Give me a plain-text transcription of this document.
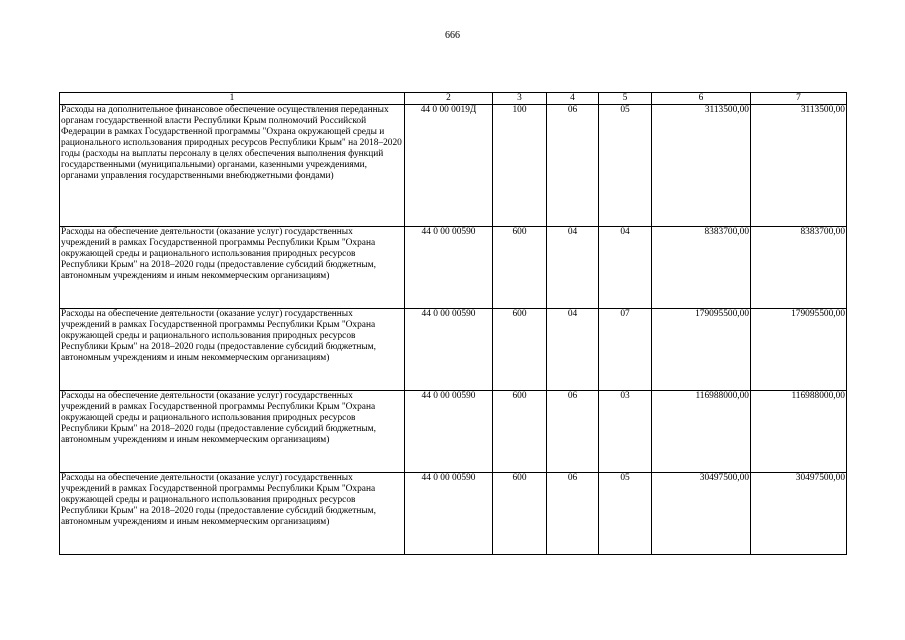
666
1	2	3	4	5	6	7
Расходы на дополнительное финансовое обеспечение осуществления переданных органам государственной власти Республики Крым полномочий Российской Федерации в рамках Государственной программы "Охрана окружающей среды и рационального использования природных ресурсов Республики Крым" на 2018–2020 годы (расходы на выплаты персоналу в целях обеспечения выполнения функций государственными (муниципальными) органами, казенными учреждениями, органами управления государственными внебюджетными фондами)	44 0 00 0019Д	100	06	05	3113500,00	3113500,00
Расходы на обеспечение деятельности (оказание услуг) государственных учреждений в рамках Государственной программы Республики Крым "Охрана окружающей среды и рационального использования природных ресурсов Республики Крым" на 2018–2020 годы (предоставление субсидий бюджетным, автономным учреждениям и иным некоммерческим организациям)	44 0 00 00590	600	04	04	8383700,00	8383700,00
Расходы на обеспечение деятельности (оказание услуг) государственных учреждений в рамках Государственной программы Республики Крым "Охрана окружающей среды и рационального использования природных ресурсов Республики Крым" на 2018–2020 годы (предоставление субсидий бюджетным, автономным учреждениям и иным некоммерческим организациям)	44 0 00 00590	600	04	07	179095500,00	179095500,00
Расходы на обеспечение деятельности (оказание услуг) государственных учреждений в рамках Государственной программы Республики Крым "Охрана окружающей среды и рационального использования природных ресурсов Республики Крым" на 2018–2020 годы (предоставление субсидий бюджетным, автономным учреждениям и иным некоммерческим организациям)	44 0 00 00590	600	06	03	116988000,00	116988000,00
Расходы на обеспечение деятельности (оказание услуг) государственных учреждений в рамках Государственной программы Республики Крым "Охрана окружающей среды и рационального использования природных ресурсов Республики Крым" на 2018–2020 годы (предоставление субсидий бюджетным, автономным учреждениям и иным некоммерческим организациям)	44 0 00 00590	600	06	05	30497500,00	30497500,00
